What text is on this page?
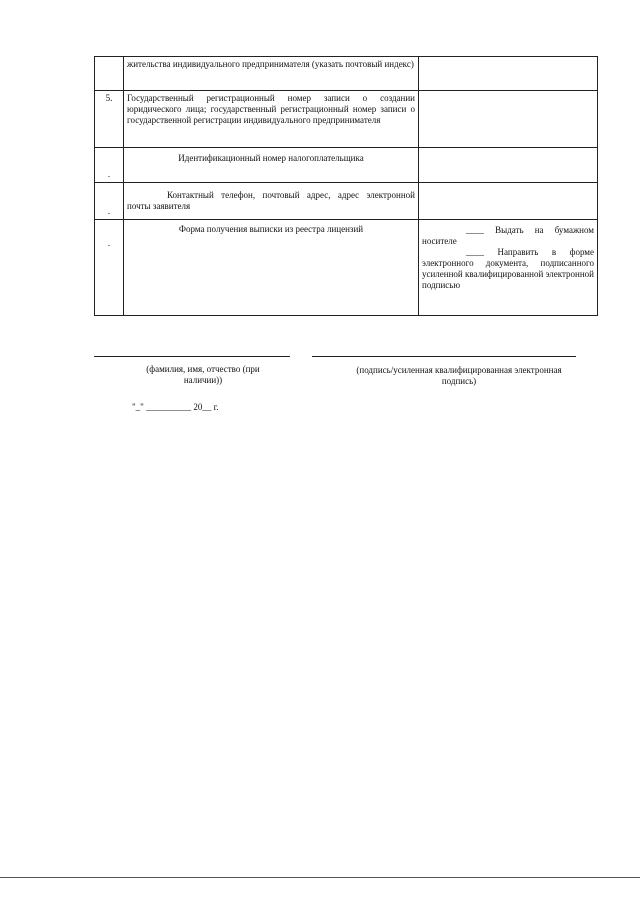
	жительства индивидуального предпринимателя (указать почтовый индекс)	
5.	Государственный регистрационный номер записи о создании юридического лица; государственный регистрационный номер записи о государственной регистрации индивидуального предпринимателя	

.	Идентификационный номер налогоплательщика	

.	Контактный телефон, почтовый адрес, адрес электронной почты заявителя	
.	Форма получения выписки из реестра лицензий	____ Выдать на бумажном носителе
____ Направить в форме электронного документа, подписанного усиленной квалифицированной электронной подписью
(фамилия, имя, отчество (при наличии))
(подпись/усиленная квалифицированная электронная подпись)
"_" __________ 20__ г.
